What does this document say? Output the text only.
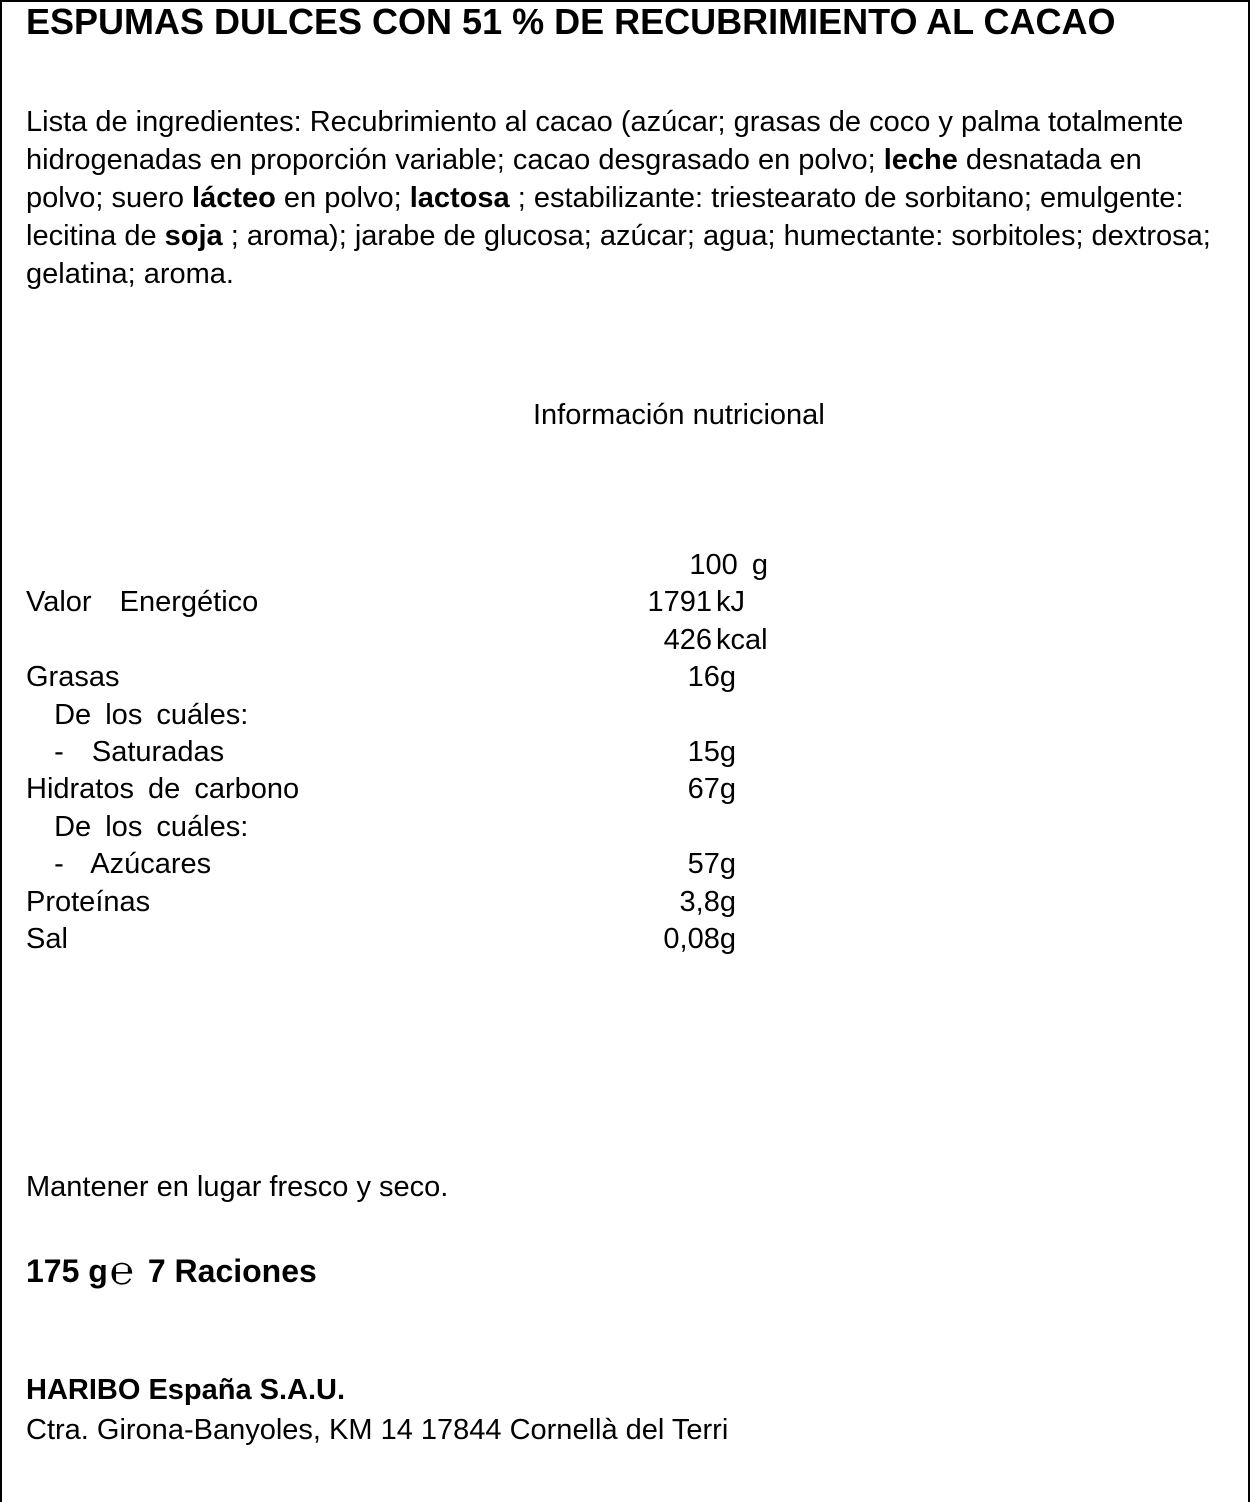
ESPUMAS DULCES CON 51 % DE RECUBRIMIENTO AL CACAO

Lista de ingredientes: Recubrimiento al cacao (azúcar; grasas de coco y palma totalmente hidrogenadas en proporción variable; cacao desgrasado en polvo; leche desnatada en polvo; suero lácteo en polvo; lactosa ; estabilizante: triestearato de sorbitano; emulgente: lecitina de soja ; aroma); jarabe de glucosa; azúcar; agua; humectante: sorbitoles; dextrosa; gelatina; aroma.

Información nutricional
100 g
Valor  Energético	1791 kJ
426 kcal
Grasas	16g
De los cuáles:
-  Saturadas	15g
Hidratos de carbono	67g
De los cuáles:
-  Azúcares	57g
Proteínas	3,8g
Sal	0,08g
Mantener en lugar fresco y seco.
175 g℮ 7 Raciones
HARIBO España S.A.U.
Ctra. Girona-Banyoles, KM 14 17844 Cornellà del Terri
